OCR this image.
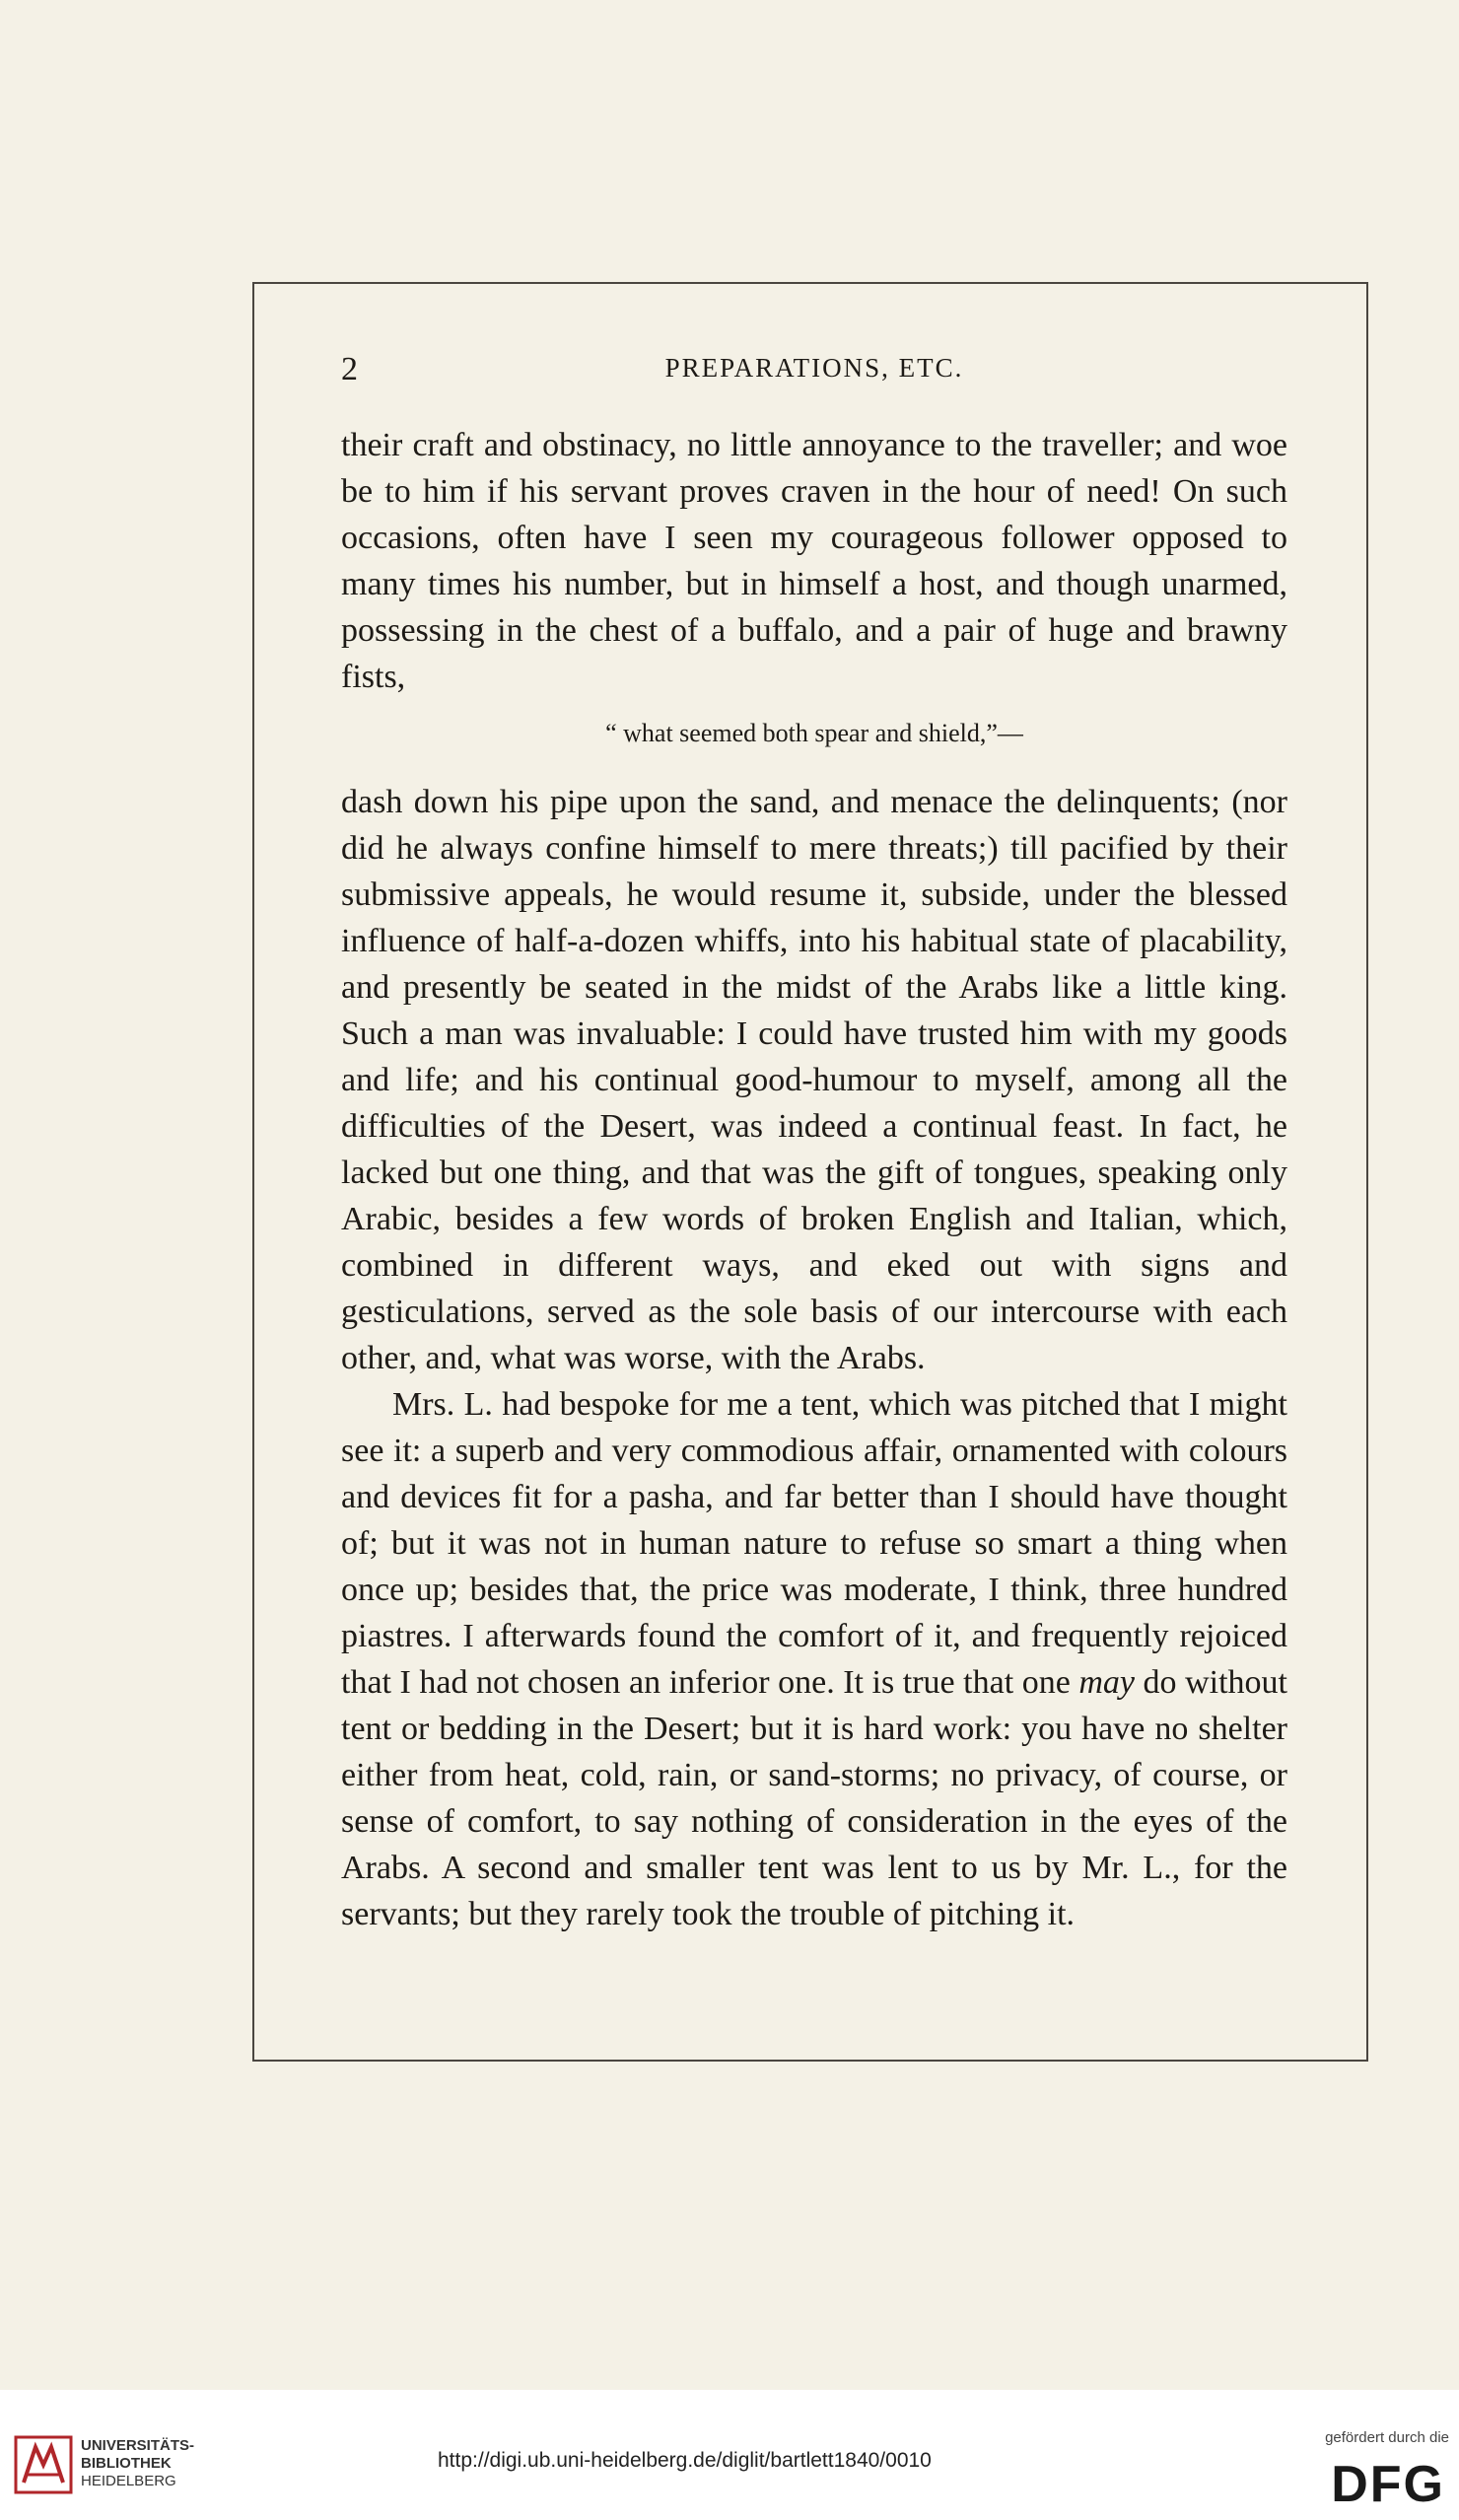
2	PREPARATIONS, ETC.

their craft and obstinacy, no little annoyance to the traveller; and woe be to him if his servant proves craven in the hour of need! On such occasions, often have I seen my courageous follower opposed to many times his number, but in himself a host, and though unarmed, possessing in the chest of a buffalo, and a pair of huge and brawny fists,

“ what seemed both spear and shield,”—

dash down his pipe upon the sand, and menace the delinquents; (nor did he always confine himself to mere threats;) till pacified by their submissive appeals, he would resume it, subside, under the blessed influence of half-a-dozen whiffs, into his habitual state of placability, and presently be seated in the midst of the Arabs like a little king. Such a man was invaluable: I could have trusted him with my goods and life; and his continual good-humour to myself, among all the difficulties of the Desert, was indeed a continual feast. In fact, he lacked but one thing, and that was the gift of tongues, speaking only Arabic, besides a few words of broken English and Italian, which, combined in different ways, and eked out with signs and gesticulations, served as the sole basis of our intercourse with each other, and, what was worse, with the Arabs.

Mrs. L. had bespoke for me a tent, which was pitched that I might see it: a superb and very commodious affair, ornamented with colours and devices fit for a pasha, and far better than I should have thought of; but it was not in human nature to refuse so smart a thing when once up; besides that, the price was moderate, I think, three hundred piastres. I afterwards found the comfort of it, and frequently rejoiced that I had not chosen an inferior one. It is true that one may do without tent or bedding in the Desert; but it is hard work: you have no shelter either from heat, cold, rain, or sand-storms; no privacy, of course, or sense of comfort, to say nothing of consideration in the eyes of the Arabs. A second and smaller tent was lent to us by Mr. L., for the servants; but they rarely took the trouble of pitching it.

UNIVERSITÄTS-
BIBLIOTHEK
HEIDELBERG
http://digi.ub.uni-heidelberg.de/diglit/bartlett1840/0010
gefördert durch die
DFG
